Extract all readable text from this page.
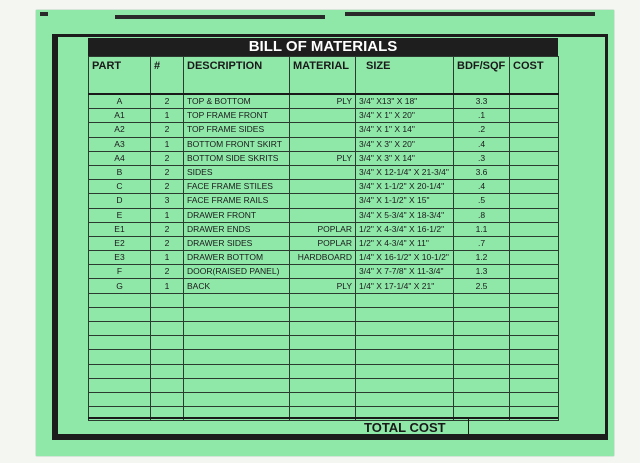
BILL OF MATERIALS
PART	#	DESCRIPTION	MATERIAL	SIZE	BDF/SQF	COST
A	2	TOP & BOTTOM	PLY	3/4" X13" X 18"	3.3	
A1	1	TOP FRAME FRONT		3/4" X 1" X 20"	.1	
A2	2	TOP FRAME SIDES		3/4" X 1" X 14"	.2	
A3	1	BOTTOM FRONT SKIRT		3/4" X 3" X 20"	.4	
A4	2	BOTTOM SIDE SKRITS	PLY	3/4" X 3" X 14"	.3	
B	2	SIDES		3/4" X 12-1/4" X 21-3/4"	3.6	
C	2	FACE FRAME STILES		3/4" X 1-1/2" X 20-1/4"	.4	
D	3	FACE FRAME RAILS		3/4" X 1-1/2" X 15"	.5	
E	1	DRAWER FRONT		3/4" X 5-3/4" X 18-3/4"	.8	
E1	2	DRAWER ENDS	POPLAR	1/2" X 4-3/4" X 16-1/2"	1.1	
E2	2	DRAWER SIDES	POPLAR	1/2" X 4-3/4" X 11"	.7	
E3	1	DRAWER BOTTOM	HARDBOARD	1/4" X 16-1/2" X 10-1/2"	1.2	
F	2	DOOR(RAISED PANEL)		3/4" X 7-7/8" X 11-3/4"	1.3	
G	1	BACK	PLY	1/4" X 17-1/4" X 21"	2.5	

TOTAL COST
